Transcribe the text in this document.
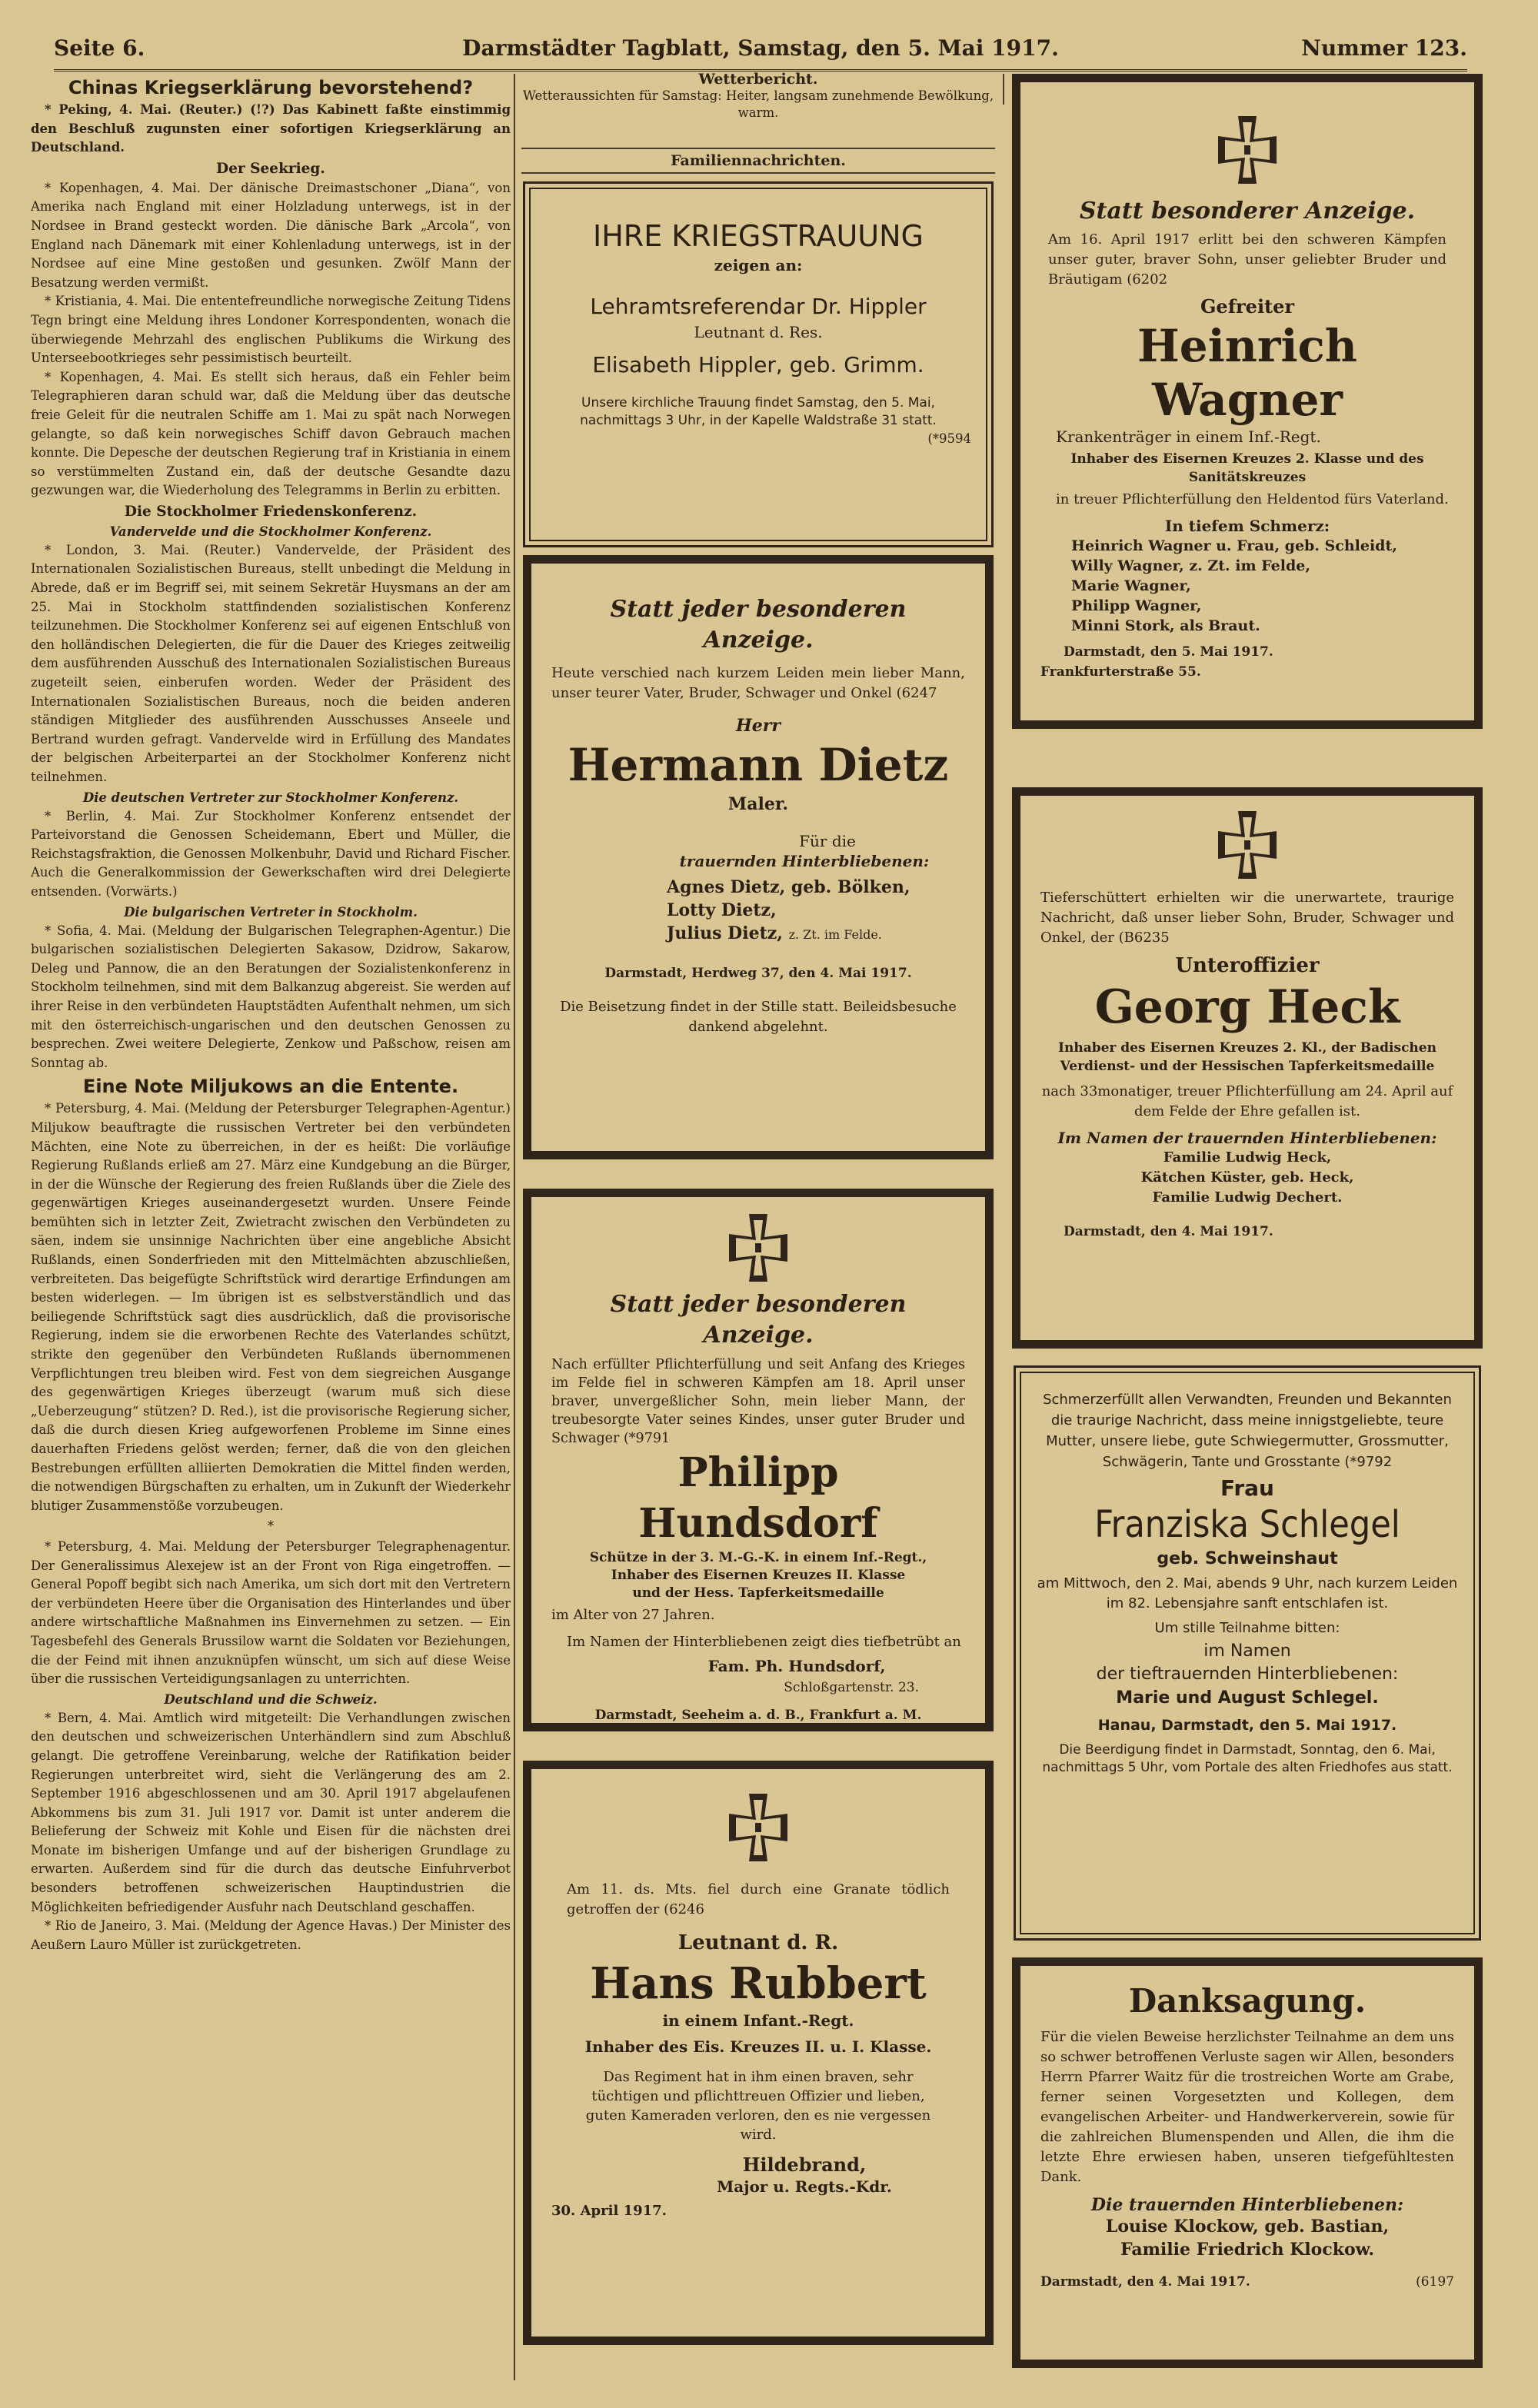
Seite 6.	Darmstädter Tagblatt, Samstag, den 5. Mai 1917.	Nummer 123.
Chinas Kriegserklärung bevorstehend?

* Peking, 4. Mai. (Reuter.) (!?) Das Kabinett faßte einstimmig den Beschluß zugunsten einer sofortigen Kriegserklärung an Deutschland.

Der Seekrieg.

* Kopenhagen, 4. Mai. Der dänische Dreimastschoner „Diana“, von Amerika nach England mit einer Holzladung unterwegs, ist in der Nordsee in Brand gesteckt worden. Die dänische Bark „Arcola“, von England nach Dänemark mit einer Kohlenladung unterwegs, ist in der Nordsee auf eine Mine gestoßen und gesunken. Zwölf Mann der Besatzung werden vermißt.

* Kristiania, 4. Mai. Die ententefreundliche norwegische Zeitung Tidens Tegn bringt eine Meldung ihres Londoner Korrespondenten, wonach die überwiegende Mehrzahl des englischen Publikums die Wirkung des Unterseebootkrieges sehr pessimistisch beurteilt.

* Kopenhagen, 4. Mai. Es stellt sich heraus, daß ein Fehler beim Telegraphieren daran schuld war, daß die Meldung über das deutsche freie Geleit für die neutralen Schiffe am 1. Mai zu spät nach Norwegen gelangte, so daß kein norwegisches Schiff davon Gebrauch machen konnte. Die Depesche der deutschen Regierung traf in Kristiania in einem so verstümmelten Zustand ein, daß der deutsche Gesandte dazu gezwungen war, die Wiederholung des Telegramms in Berlin zu erbitten.

Die Stockholmer Friedenskonferenz.
Vandervelde und die Stockholmer Konferenz.

* London, 3. Mai. (Reuter.) Vandervelde, der Präsident des Internationalen Sozialistischen Bureaus, stellt unbedingt die Meldung in Abrede, daß er im Begriff sei, mit seinem Sekretär Huysmans an der am 25. Mai in Stockholm stattfindenden sozialistischen Konferenz teilzunehmen. Die Stockholmer Konferenz sei auf eigenen Entschluß von den holländischen Delegierten, die für die Dauer des Krieges zeitweilig dem ausführenden Ausschuß des Internationalen Sozialistischen Bureaus zugeteilt seien, einberufen worden. Weder der Präsident des Internationalen Sozialistischen Bureaus, noch die beiden anderen ständigen Mitglieder des ausführenden Ausschusses Anseele und Bertrand wurden gefragt. Vandervelde wird in Erfüllung des Mandates der belgischen Arbeiterpartei an der Stockholmer Konferenz nicht teilnehmen.

Die deutschen Vertreter zur Stockholmer Konferenz.

* Berlin, 4. Mai. Zur Stockholmer Konferenz entsendet der Parteivorstand die Genossen Scheidemann, Ebert und Müller, die Reichstagsfraktion, die Genossen Molkenbuhr, David und Richard Fischer. Auch die Generalkommission der Gewerkschaften wird drei Delegierte entsenden. (Vorwärts.)

Die bulgarischen Vertreter in Stockholm.

* Sofia, 4. Mai. (Meldung der Bulgarischen Telegraphen-Agentur.) Die bulgarischen sozialistischen Delegierten Sakasow, Dzidrow, Sakarow, Deleg und Pannow, die an den Beratungen der Sozialistenkonferenz in Stockholm teilnehmen, sind mit dem Balkanzug abgereist. Sie werden auf ihrer Reise in den verbündeten Hauptstädten Aufenthalt nehmen, um sich mit den österreichisch-ungarischen und den deutschen Genossen zu besprechen. Zwei weitere Delegierte, Zenkow und Paßschow, reisen am Sonntag ab.

Eine Note Miljukows an die Entente.

* Petersburg, 4. Mai. (Meldung der Petersburger Telegraphen-Agentur.) Miljukow beauftragte die russischen Vertreter bei den verbündeten Mächten, eine Note zu überreichen, in der es heißt: Die vorläufige Regierung Rußlands erließ am 27. März eine Kundgebung an die Bürger, in der die Wünsche der Regierung des freien Rußlands über die Ziele des gegenwärtigen Krieges auseinandergesetzt wurden. Unsere Feinde bemühten sich in letzter Zeit, Zwietracht zwischen den Verbündeten zu säen, indem sie unsinnige Nachrichten über eine angebliche Absicht Rußlands, einen Sonderfrieden mit den Mittelmächten abzuschließen, verbreiteten. Das beigefügte Schriftstück wird derartige Erfindungen am besten widerlegen. — Im übrigen ist es selbstverständlich und das beiliegende Schriftstück sagt dies ausdrücklich, daß die provisorische Regierung, indem sie die erworbenen Rechte des Vaterlandes schützt, strikte den gegenüber den Verbündeten Rußlands übernommenen Verpflichtungen treu bleiben wird. Fest von dem siegreichen Ausgange des gegenwärtigen Krieges überzeugt (warum muß sich diese „Ueberzeugung“ stützen? D. Red.), ist die provisorische Regierung sicher, daß die durch diesen Krieg aufgeworfenen Probleme im Sinne eines dauerhaften Friedens gelöst werden; ferner, daß die von den gleichen Bestrebungen erfüllten alliierten Demokratien die Mittel finden werden, die notwendigen Bürgschaften zu erhalten, um in Zukunft der Wiederkehr blutiger Zusammenstöße vorzubeugen.

*

* Petersburg, 4. Mai. Meldung der Petersburger Telegraphenagentur. Der Generalissimus Alexejew ist an der Front von Riga eingetroffen. — General Popoff begibt sich nach Amerika, um sich dort mit den Vertretern der verbündeten Heere über die Organisation des Hinterlandes und über andere wirtschaftliche Maßnahmen ins Einvernehmen zu setzen. — Ein Tagesbefehl des Generals Brussilow warnt die Soldaten vor Beziehungen, die der Feind mit ihnen anzuknüpfen wünscht, um sich auf diese Weise über die russischen Verteidigungsanlagen zu unterrichten.

Deutschland und die Schweiz.

* Bern, 4. Mai. Amtlich wird mitgeteilt: Die Verhandlungen zwischen den deutschen und schweizerischen Unterhändlern sind zum Abschluß gelangt. Die getroffene Vereinbarung, welche der Ratifikation beider Regierungen unterbreitet wird, sieht die Verlängerung des am 2. September 1916 abgeschlossenen und am 30. April 1917 abgelaufenen Abkommens bis zum 31. Juli 1917 vor. Damit ist unter anderem die Belieferung der Schweiz mit Kohle und Eisen für die nächsten drei Monate im bisherigen Umfange und auf der bisherigen Grundlage zu erwarten. Außerdem sind für die durch das deutsche Einfuhrverbot besonders betroffenen schweizerischen Hauptindustrien die Möglichkeiten befriedigender Ausfuhr nach Deutschland geschaffen.

* Rio de Janeiro, 3. Mai. (Meldung der Agence Havas.) Der Minister des Aeußern Lauro Müller ist zurückgetreten.

Wetterbericht.
Wetteraussichten für Samstag: Heiter, langsam zunehmende Bewölkung, warm.
Familiennachrichten.
IHRE KRIEGSTRAUUNG
zeigen an:
Lehramtsreferendar Dr. Hippler
Leutnant d. Res.
Elisabeth Hippler, geb. Grimm.
Unsere kirchliche Trauung findet Samstag, den 5. Mai, nachmittags 3 Uhr, in der Kapelle Waldstraße 31 statt.
(*9594
Statt jeder besonderen Anzeige.
Heute verschied nach kurzem Leiden mein lieber Mann, unser teurer Vater, Bruder, Schwager und Onkel (6247
Herr
Hermann Dietz
Maler.
Für die
trauernden Hinterbliebenen:
Agnes Dietz, geb. Bölken,
Lotty Dietz,
Julius Dietz, z. Zt. im Felde.
Darmstadt, Herdweg 37, den 4. Mai 1917.
Die Beisetzung findet in der Stille statt. Beileidsbesuche dankend abgelehnt.
Statt jeder besonderen Anzeige.
Nach erfüllter Pflichterfüllung und seit Anfang des Krieges im Felde fiel in schweren Kämpfen am 18. April unser braver, unvergeßlicher Sohn, mein lieber Mann, der treubesorgte Vater seines Kindes, unser guter Bruder und Schwager (*9791
Philipp Hundsdorf
Schütze in der 3. M.-G.-K. in einem Inf.-Regt.,
Inhaber des Eisernen Kreuzes II. Klasse
und der Hess. Tapferkeitsmedaille
im Alter von 27 Jahren.
Im Namen der Hinterbliebenen zeigt dies tiefbetrübt an
Fam. Ph. Hundsdorf,
Schloßgartenstr. 23.
Darmstadt, Seeheim a. d. B., Frankfurt a. M.
Am 11. ds. Mts. fiel durch eine Granate tödlich getroffen der (6246
Leutnant d. R.
Hans Rubbert
in einem Infant.-Regt.
Inhaber des Eis. Kreuzes II. u. I. Klasse.
Das Regiment hat in ihm einen braven, sehr tüchtigen und pflichttreuen Offizier und lieben, guten Kameraden verloren, den es nie vergessen wird.
Hildebrand,
Major u. Regts.-Kdr.
30. April 1917.
Statt besonderer Anzeige.
Am 16. April 1917 erlitt bei den schweren Kämpfen unser guter, braver Sohn, unser geliebter Bruder und Bräutigam (6202
Gefreiter
Heinrich Wagner
Krankenträger in einem Inf.-Regt.
Inhaber des Eisernen Kreuzes 2. Klasse und des Sanitätskreuzes
in treuer Pflichterfüllung den Heldentod fürs Vaterland.
In tiefem Schmerz:
Heinrich Wagner u. Frau, geb. Schleidt,
Willy Wagner, z. Zt. im Felde,
Marie Wagner,
Philipp Wagner,
Minni Stork, als Braut.
Darmstadt, den 5. Mai 1917.
Frankfurterstraße 55.
Tieferschüttert erhielten wir die unerwartete, traurige Nachricht, daß unser lieber Sohn, Bruder, Schwager und Onkel, der (B6235
Unteroffizier
Georg Heck
Inhaber des Eisernen Kreuzes 2. Kl., der Badischen Verdienst- und der Hessischen Tapferkeitsmedaille
nach 33monatiger, treuer Pflichterfüllung am 24. April auf dem Felde der Ehre gefallen ist.
Im Namen der trauernden Hinterbliebenen:
Familie Ludwig Heck,
Kätchen Küster, geb. Heck,
Familie Ludwig Dechert.
Darmstadt, den 4. Mai 1917.
Schmerzerfüllt allen Verwandten, Freunden und Bekannten die traurige Nachricht, dass meine innigstgeliebte, teure Mutter, unsere liebe, gute Schwiegermutter, Grossmutter, Schwägerin, Tante und Grosstante (*9792
Frau
Franziska Schlegel
geb. Schweinshaut
am Mittwoch, den 2. Mai, abends 9 Uhr, nach kurzem Leiden im 82. Lebensjahre sanft entschlafen ist.
Um stille Teilnahme bitten:
im Namen
der tieftrauernden Hinterbliebenen:
Marie und August Schlegel.
Hanau, Darmstadt, den 5. Mai 1917.
Die Beerdigung findet in Darmstadt, Sonntag, den 6. Mai, nachmittags 5 Uhr, vom Portale des alten Friedhofes aus statt.
Danksagung.
Für die vielen Beweise herzlichster Teilnahme an dem uns so schwer betroffenen Verluste sagen wir Allen, besonders Herrn Pfarrer Waitz für die trostreichen Worte am Grabe, ferner seinen Vorgesetzten und Kollegen, dem evangelischen Arbeiter- und Handwerkerverein, sowie für die zahlreichen Blumenspenden und Allen, die ihm die letzte Ehre erwiesen haben, unseren tiefgefühltesten Dank.
Die trauernden Hinterbliebenen:
Louise Klockow, geb. Bastian,
Familie Friedrich Klockow.
Darmstadt, den 4. Mai 1917.	(6197
